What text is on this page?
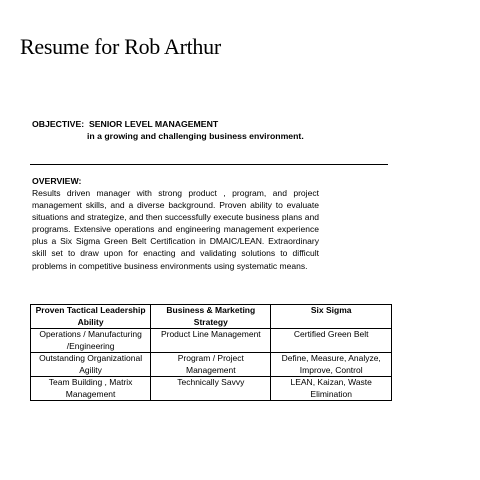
Resume for Rob Arthur
OBJECTIVE:  SENIOR LEVEL MANAGEMENT
in a growing and challenging business environment.
OVERVIEW:
Results driven manager with strong product , program, and project management skills, and a diverse background. Proven ability to evaluate situations and strategize, and then successfully execute business plans and programs. Extensive operations and engineering management experience plus a Six Sigma Green Belt Certification in DMAIC/LEAN. Extraordinary skill set to draw upon for enacting and validating solutions to difficult problems in competitive business environments using systematic means.
Proven Tactical Leadership Ability	Business & Marketing Strategy	Six Sigma
Operations / Manufacturing /Engineering	Product Line Management	Certified Green Belt
Outstanding Organizational Agility	Program / Project Management	Define, Measure, Analyze, Improve, Control
Team Building , Matrix Management	Technically Savvy	LEAN, Kaizan, Waste Elimination
